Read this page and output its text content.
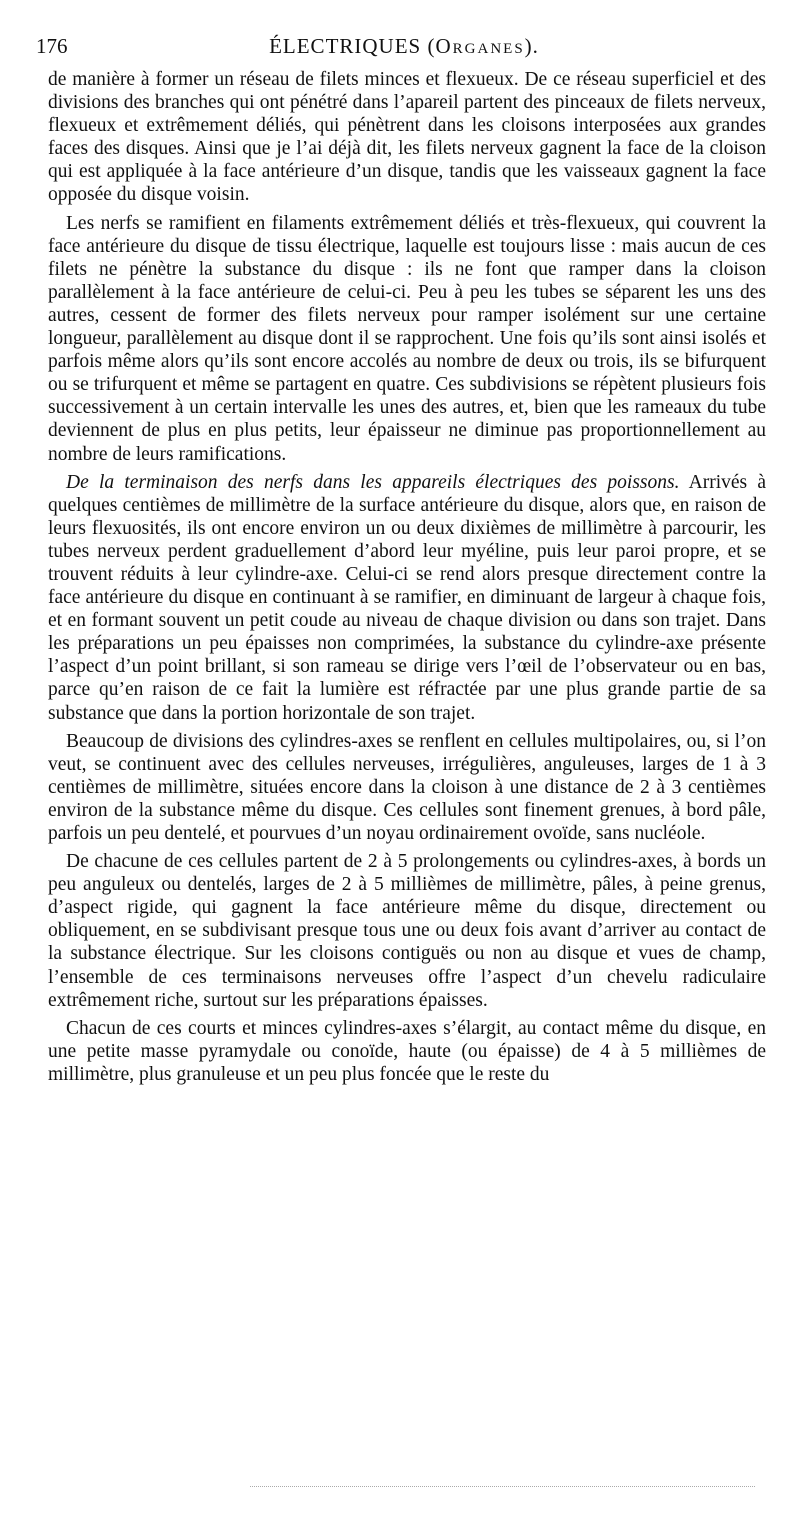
176	ÉLECTRIQUES (Organes).

de manière à former un réseau de filets minces et flexueux. De ce réseau superficiel et des divisions des branches qui ont pénétré dans l’apareil partent des pinceaux de filets nerveux, flexueux et extrêmement déliés, qui pénètrent dans les cloisons interposées aux grandes faces des disques. Ainsi que je l’ai déjà dit, les filets nerveux gagnent la face de la cloison qui est appliquée à la face antérieure d’un disque, tandis que les vaisseaux gagnent la face opposée du disque voisin.

Les nerfs se ramifient en filaments extrêmement déliés et très-flexueux, qui couvrent la face antérieure du disque de tissu électrique, laquelle est toujours lisse : mais aucun de ces filets ne pénètre la substance du disque : ils ne font que ramper dans la cloison parallèlement à la face antérieure de celui-ci. Peu à peu les tubes se séparent les uns des autres, cessent de former des filets nerveux pour ramper isolément sur une certaine longueur, parallèlement au disque dont il se rapprochent. Une fois qu’ils sont ainsi isolés et parfois même alors qu’ils sont encore accolés au nombre de deux ou trois, ils se bifurquent ou se trifurquent et même se partagent en quatre. Ces subdivisions se répètent plusieurs fois successivement à un certain intervalle les unes des autres, et, bien que les rameaux du tube deviennent de plus en plus petits, leur épaisseur ne diminue pas proportionnellement au nombre de leurs ramifications.

De la terminaison des nerfs dans les appareils électriques des poissons. Arrivés à quelques centièmes de millimètre de la surface antérieure du disque, alors que, en raison de leurs flexuosités, ils ont encore environ un ou deux dixièmes de millimètre à parcourir, les tubes nerveux perdent graduellement d’abord leur myéline, puis leur paroi propre, et se trouvent réduits à leur cylindre-axe. Celui-ci se rend alors presque directement contre la face antérieure du disque en continuant à se ramifier, en diminuant de largeur à chaque fois, et en formant souvent un petit coude au niveau de chaque division ou dans son trajet. Dans les préparations un peu épaisses non comprimées, la substance du cylindre-axe présente l’aspect d’un point brillant, si son rameau se dirige vers l’œil de l’observateur ou en bas, parce qu’en raison de ce fait la lumière est réfractée par une plus grande partie de sa substance que dans la portion horizontale de son trajet.

Beaucoup de divisions des cylindres-axes se renflent en cellules multipolaires, ou, si l’on veut, se continuent avec des cellules nerveuses, irrégulières, anguleuses, larges de 1 à 3 centièmes de millimètre, situées encore dans la cloison à une distance de 2 à 3 centièmes environ de la substance même du disque. Ces cellules sont finement grenues, à bord pâle, parfois un peu dentelé, et pourvues d’un noyau ordinairement ovoïde, sans nucléole.

De chacune de ces cellules partent de 2 à 5 prolongements ou cylindres-axes, à bords un peu anguleux ou dentelés, larges de 2 à 5 millièmes de millimètre, pâles, à peine grenus, d’aspect rigide, qui gagnent la face antérieure même du disque, directement ou obliquement, en se subdivisant presque tous une ou deux fois avant d’arriver au contact de la substance électrique. Sur les cloisons contiguës ou non au disque et vues de champ, l’ensemble de ces terminaisons nerveuses offre l’aspect d’un chevelu radiculaire extrêmement riche, surtout sur les préparations épaisses.

Chacun de ces courts et minces cylindres-axes s’élargit, au contact même du disque, en une petite masse pyramydale ou conoïde, haute (ou épaisse) de 4 à 5 millièmes de millimètre, plus granuleuse et un peu plus foncée que le reste du
